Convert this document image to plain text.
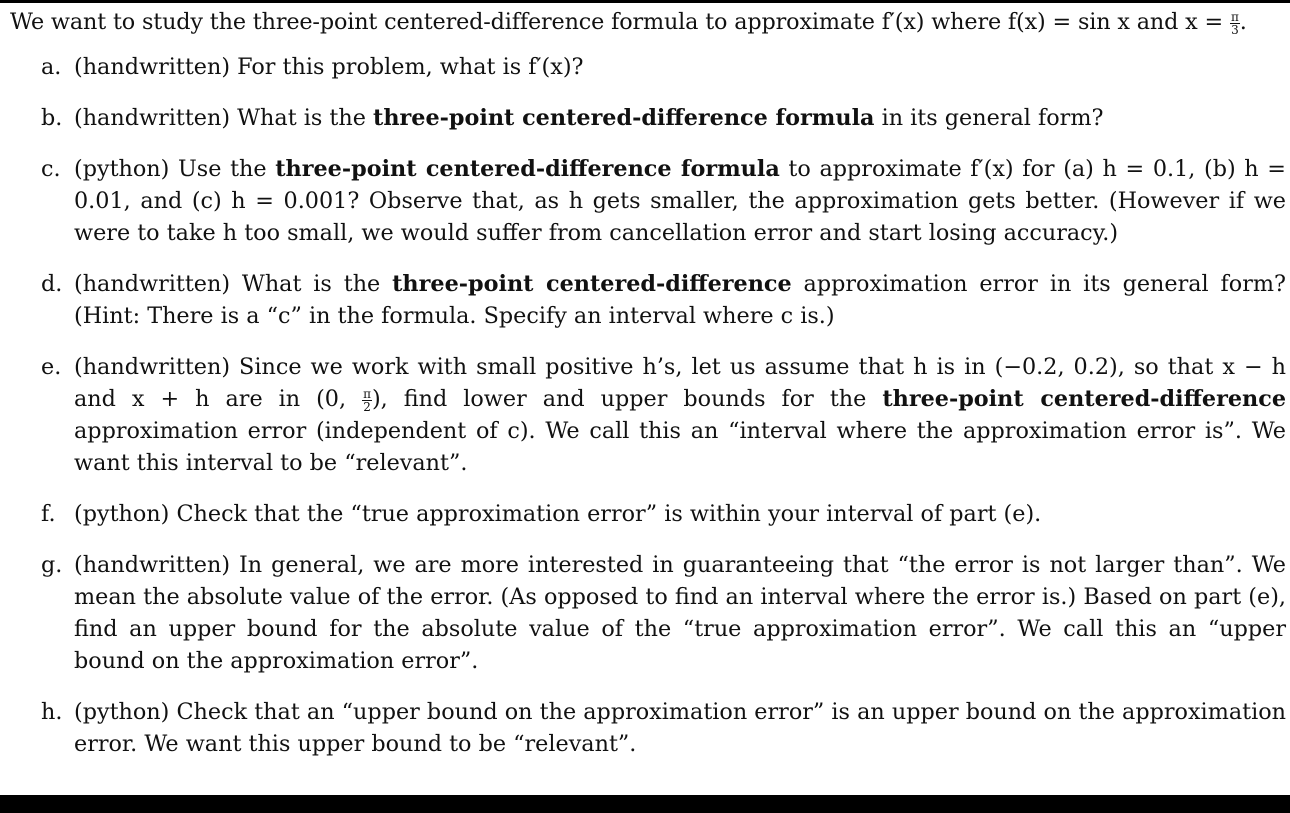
We want to study the three-point centered-difference formula to approximate f′(x) where f(x) = sin x and $x = \frac{\pi}{3}$ .
a. (handwritten) For this problem, what is f′(x)?
b. (handwritten) What is the three-point centered-difference formula in its general form?
c. (python) Use the three-point centered-difference formula to approximate f′(x) for (a) h = 0.1, (b) h = 0.01, and (c) h = 0.001? Observe that, as h gets smaller, the approximation gets better. (However if we were to take h too small, we would suffer from cancellation error and start losing accuracy.)
d. (handwritten) What is the three-point centered-difference approximation error in its general form? (Hint: There is a “c” in the formula. Specify an interval where c is.)
e. (handwritten) Since we work with small positive h’s, let us assume that h is in (−0.2, 0.2), so that x − h and x + h are in (0, $\frac{\pi}{2}$ ), find lower and upper bounds for the three-point centered-difference approximation error (independent of c). We call this an “interval where the approximation error is”. We want this interval to be “relevant”.
f. (python) Check that the “true approximation error” is within your interval of part (e).
g. (handwritten) In general, we are more interested in guaranteeing that “the error is not larger than”. We mean the absolute value of the error. (As opposed to find an interval where the error is.) Based on part (e), find an upper bound for the absolute value of the “true approximation error”. We call this an “upper bound on the approximation error”.
h. (python) Check that an “upper bound on the approximation error” is an upper bound on the approximation error. We want this upper bound to be “relevant”.
